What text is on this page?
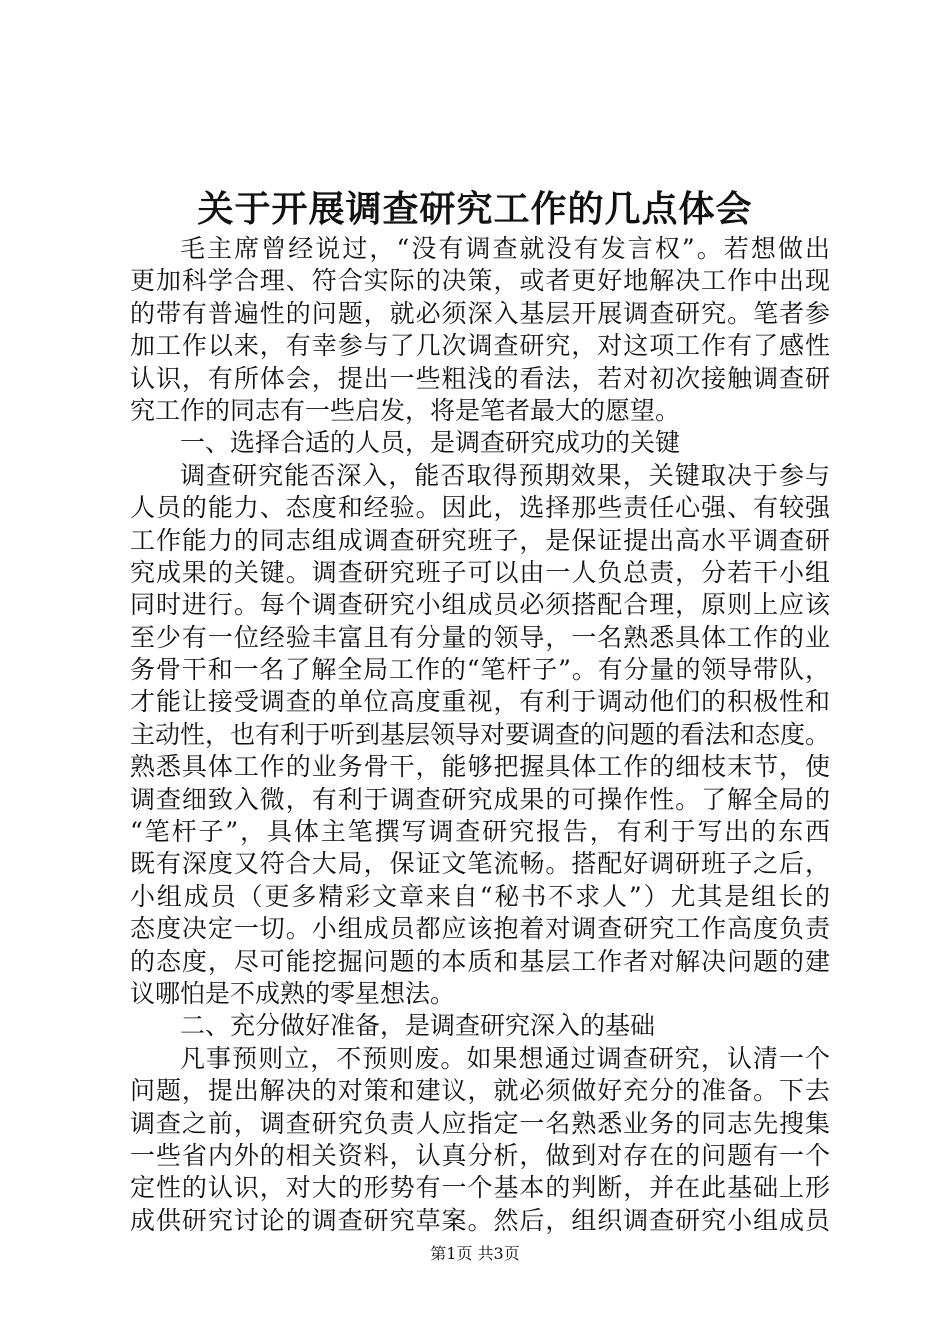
关于开展调查研究工作的几点体会
毛主席曾经说过，“没有调查就没有发言权”。若想做出
更加科学合理、符合实际的决策，或者更好地解决工作中出现
的带有普遍性的问题，就必须深入基层开展调查研究。笔者参
加工作以来，有幸参与了几次调查研究，对这项工作有了感性
认识，有所体会，提出一些粗浅的看法，若对初次接触调查研
究工作的同志有一些启发，将是笔者最大的愿望。
一、选择合适的人员，是调查研究成功的关键
调查研究能否深入，能否取得预期效果，关键取决于参与
人员的能力、态度和经验。因此，选择那些责任心强、有较强
工作能力的同志组成调查研究班子，是保证提出高水平调查研
究成果的关键。调查研究班子可以由一人负总责，分若干小组
同时进行。每个调查研究小组成员必须搭配合理，原则上应该
至少有一位经验丰富且有分量的领导，一名熟悉具体工作的业
务骨干和一名了解全局工作的“笔杆子”。有分量的领导带队，
才能让接受调查的单位高度重视，有利于调动他们的积极性和
主动性，也有利于听到基层领导对要调查的问题的看法和态度。
熟悉具体工作的业务骨干，能够把握具体工作的细枝末节，使
调查细致入微，有利于调查研究成果的可操作性。了解全局的
“笔杆子”，具体主笔撰写调查研究报告，有利于写出的东西
既有深度又符合大局，保证文笔流畅。搭配好调研班子之后，
小组成员（更多精彩文章来自“秘书不求人”）尤其是组长的
态度决定一切。小组成员都应该抱着对调查研究工作高度负责
的态度，尽可能挖掘问题的本质和基层工作者对解决问题的建
议哪怕是不成熟的零星想法。
二、充分做好准备，是调查研究深入的基础
凡事预则立，不预则废。如果想通过调查研究，认清一个
问题，提出解决的对策和建议，就必须做好充分的准备。下去
调查之前，调查研究负责人应指定一名熟悉业务的同志先搜集
一些省内外的相关资料，认真分析，做到对存在的问题有一个
定性的认识，对大的形势有一个基本的判断，并在此基础上形
成供研究讨论的调查研究草案。然后，组织调查研究小组成员
第1页 共3页
